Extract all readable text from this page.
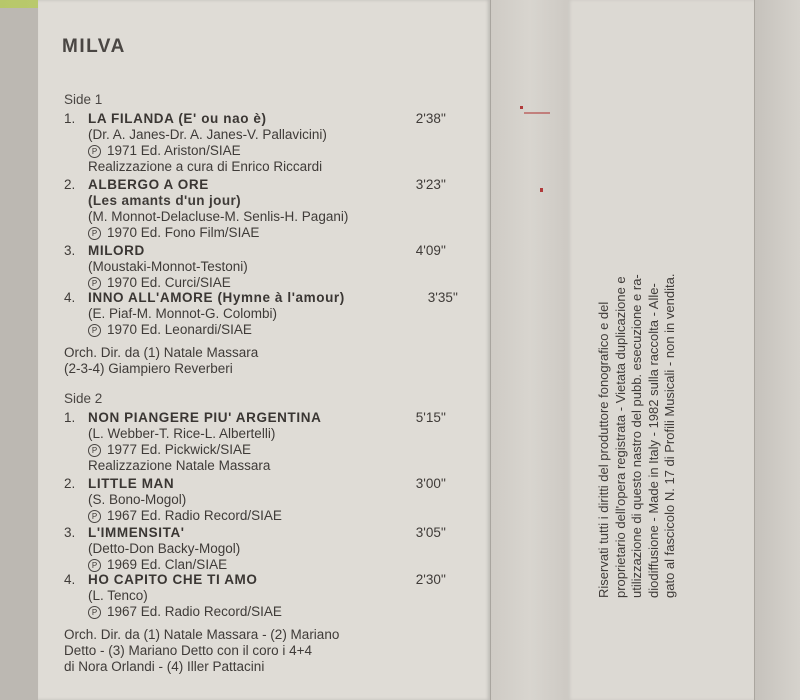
MILVA
Side 1
1. LA FILANDA (E' ou nao è)	2'38''
(Dr. A. Janes-Dr. A. Janes-V. Pallavicini)
P 1971 Ed. Ariston/SIAE
Realizzazione a cura di Enrico Riccardi
2. ALBERGO A ORE	3'23''
(Les amants d'un jour)
(M. Monnot-Delacluse-M. Senlis-H. Pagani)
P 1970 Ed. Fono Film/SIAE
3. MILORD	4'09''
(Moustaki-Monnot-Testoni)
P 1970 Ed. Curci/SIAE
4. INNO ALL'AMORE (Hymne à l'amour)	3'35''
(E. Piaf-M. Monnot-G. Colombi)
P 1970 Ed. Leonardi/SIAE
Orch. Dir. da (1) Natale Massara
(2-3-4) Giampiero Reverberi
Side 2
1. NON PIANGERE PIU' ARGENTINA	5'15''
(L. Webber-T. Rice-L. Albertelli)
P 1977 Ed. Pickwick/SIAE
Realizzazione Natale Massara
2. LITTLE MAN	3'00''
(S. Bono-Mogol)
P 1967 Ed. Radio Record/SIAE
3. L'IMMENSITA'	3'05''
(Detto-Don Backy-Mogol)
P 1969 Ed. Clan/SIAE
4. HO CAPITO CHE TI AMO	2'30''
(L. Tenco)
P 1967 Ed. Radio Record/SIAE
Orch. Dir. da (1) Natale Massara - (2) Mariano
Detto - (3) Mariano Detto con il coro i 4+4
di Nora Orlandi - (4) Iller Pattacini

Riservati tutti i diritti del produttore fonografico e del proprietario dell'opera registrata - Vietata duplicazione e utilizzazione di questo nastro del pubb. esecuzione e ra- diodiffusione - Made in Italy - 1982 sulla raccolta - Alle- gato al fascicolo N. 17 di Profili Musicali - non in vendita.
